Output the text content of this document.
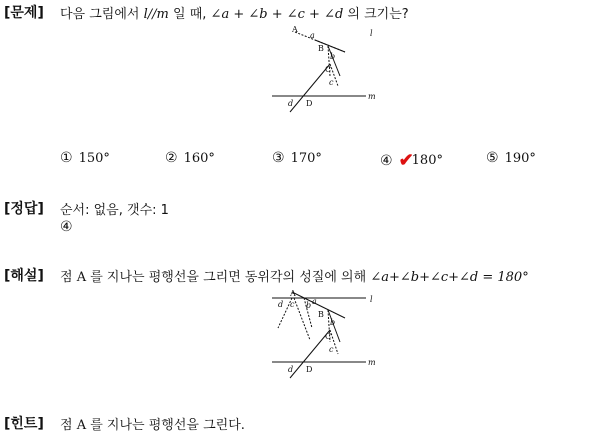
[문제] 다음 그림에서 l//m 일 때, ∠a + ∠b + ∠c + ∠d 의 크기는?
A
a
B
b
C
c
d D
l
m
① 150°	② 160°	③ 170°	④ ✔
180°	⑤ 190°
[정답] 순서: 없음, 갯수: 1
④
[해설] 점 A 를 지나는 평행선을 그리면 동위각의 성질에 의해 ∠a+∠b+∠c+∠d = 180°
A
d c b a
B
b
C
c
d D
l
m
[힌트] 점 A 를 지나는 평행선을 그린다.
